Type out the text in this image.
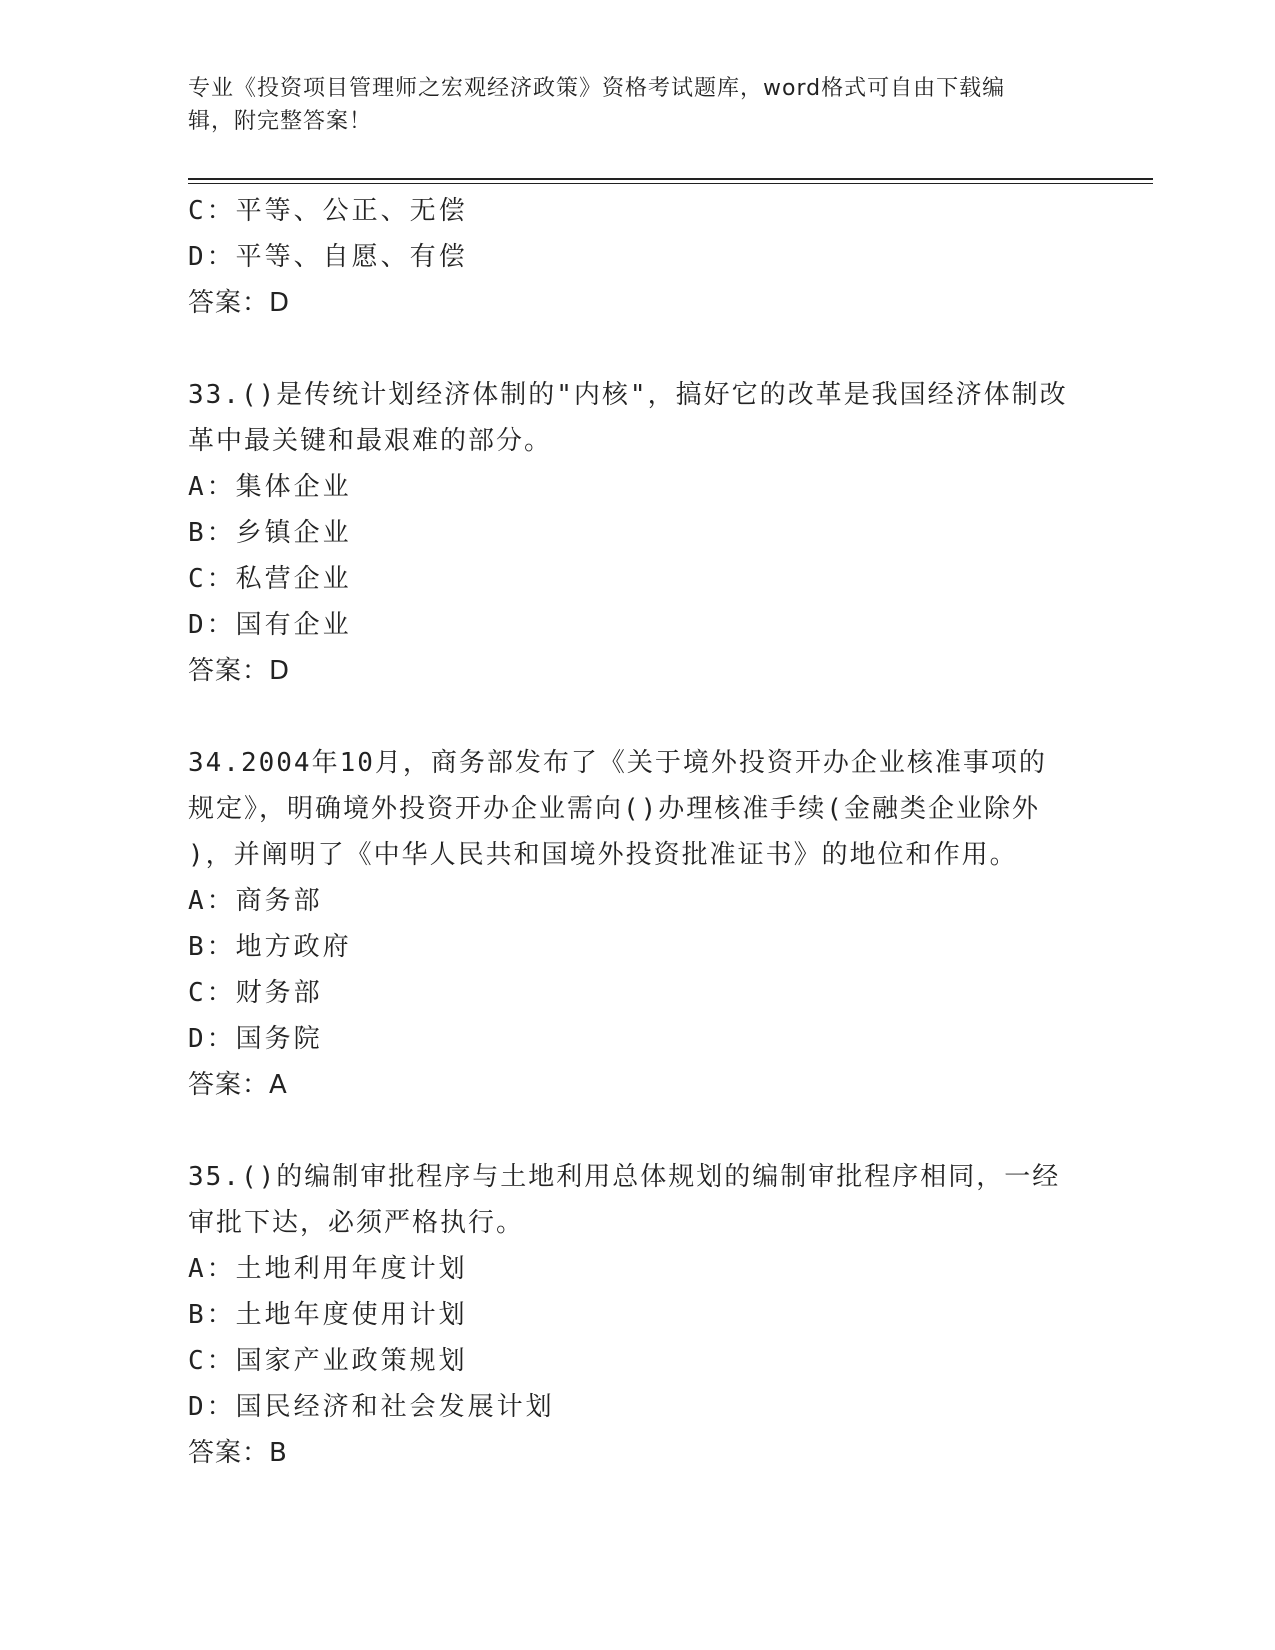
专业《投资项目管理师之宏观经济政策》资格考试题库，word格式可自由下载编
辑，附完整答案！
C：平等、公正、无偿
D：平等、自愿、有偿
答案：D
33.()是传统计划经济体制的"内核"，搞好它的改革是我国经济体制改
革中最关键和最艰难的部分。
A：集体企业
B：乡镇企业
C：私营企业
D：国有企业
答案：D
34.2004年10月，商务部发布了《关于境外投资开办企业核准事项的
规定》，明确境外投资开办企业需向()办理核准手续(金融类企业除外
)，并阐明了《中华人民共和国境外投资批准证书》的地位和作用。
A：商务部
B：地方政府
C：财务部
D：国务院
答案：A
35.()的编制审批程序与土地利用总体规划的编制审批程序相同，一经
审批下达，必须严格执行。
A：土地利用年度计划
B：土地年度使用计划
C：国家产业政策规划
D：国民经济和社会发展计划
答案：B
